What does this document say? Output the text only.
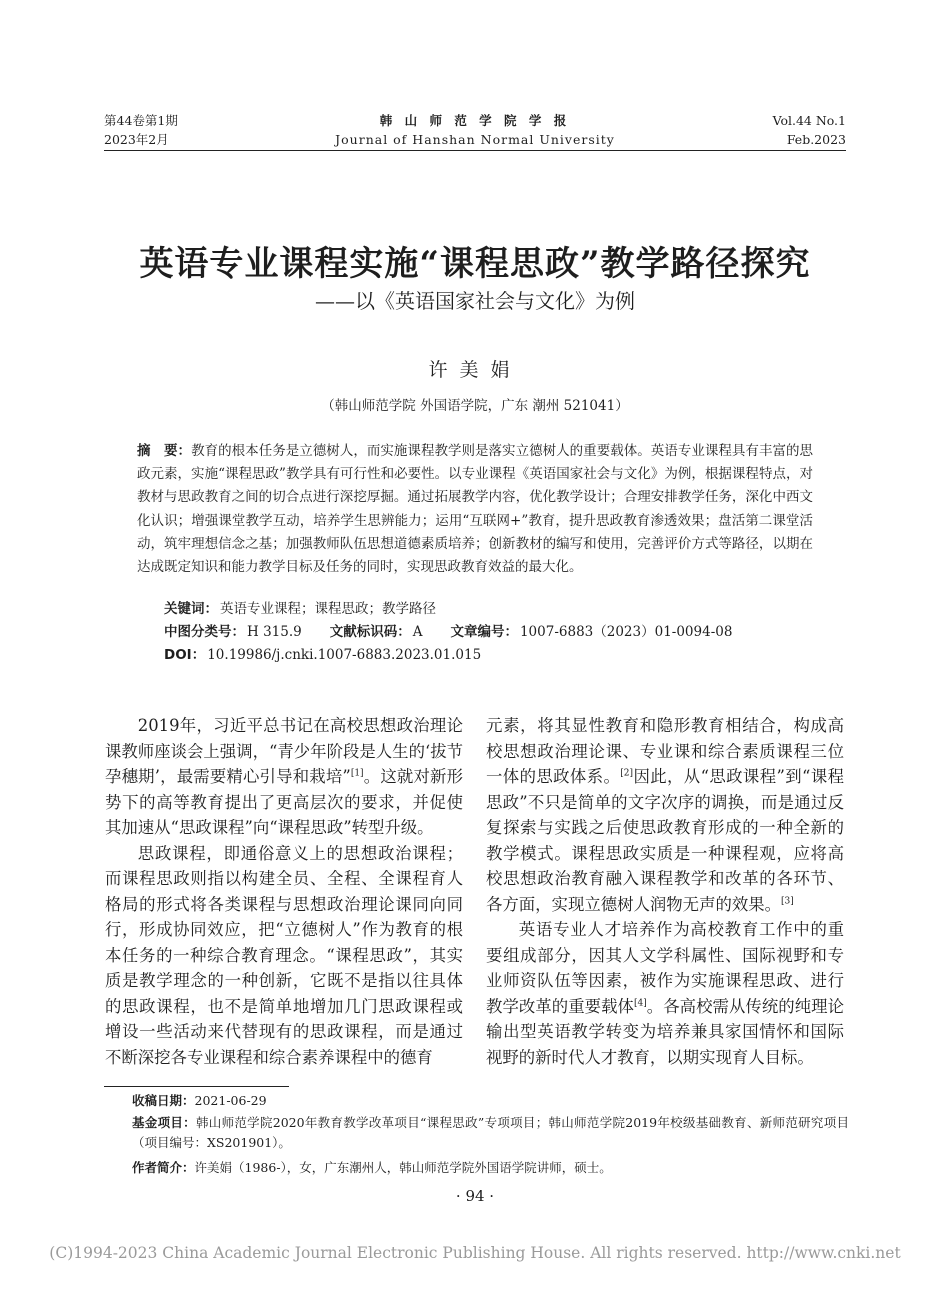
第44卷第1期
2023年2月
韩 山 师 范 学 院 学 报
Journal of Hanshan Normal University
Vol.44 No.1
Feb.2023
英语专业课程实施“课程思政”教学路径探究
——以《英语国家社会与文化》为例
许美娟
（韩山师范学院 外国语学院，广东 潮州 521041）
摘　要：教育的根本任务是立德树人，而实施课程教学则是落实立德树人的重要载体。英语专业课程具有丰富的思政元素，实施“课程思政”教学具有可行性和必要性。以专业课程《英语国家社会与文化》为例，根据课程特点，对教材与思政教育之间的切合点进行深挖厚掘。通过拓展教学内容，优化教学设计；合理安排教学任务，深化中西文化认识；增强课堂教学互动，培养学生思辨能力；运用“互联网+”教育，提升思政教育渗透效果；盘活第二课堂活动，筑牢理想信念之基；加强教师队伍思想道德素质培养；创新教材的编写和使用，完善评价方式等路径，以期在达成既定知识和能力教学目标及任务的同时，实现思政教育效益的最大化。
关键词： 英语专业课程；课程思政；教学路径
中图分类号： H 315.9 文献标识码： A 文章编号： 1007-6883（2023）01-0094-08
DOI： 10.19986/j.cnki.1007-6883.2023.01.015

2019年，习近平总书记在高校思想政治理论课教师座谈会上强调，“青少年阶段是人生的‘拔节孕穗期’，最需要精心引导和栽培”[1]。这就对新形势下的高等教育提出了更高层次的要求，并促使其加速从“思政课程”向“课程思政”转型升级。

思政课程，即通俗意义上的思想政治课程；而课程思政则指以构建全员、全程、全课程育人格局的形式将各类课程与思想政治理论课同向同行，形成协同效应，把“立德树人”作为教育的根本任务的一种综合教育理念。“课程思政”，其实质是教学理念的一种创新，它既不是指以往具体的思政课程，也不是简单地增加几门思政课程或增设一些活动来代替现有的思政课程，而是通过不断深挖各专业课程和综合素养课程中的德育

元素，将其显性教育和隐形教育相结合，构成高校思想政治理论课、专业课和综合素质课程三位一体的思政体系。[2]因此，从“思政课程”到“课程思政”不只是简单的文字次序的调换，而是通过反复探索与实践之后使思政教育形成的一种全新的教学模式。课程思政实质是一种课程观，应将高校思想政治教育融入课程教学和改革的各环节、各方面，实现立德树人润物无声的效果。[3]

英语专业人才培养作为高校教育工作中的重要组成部分，因其人文学科属性、国际视野和专业师资队伍等因素，被作为实施课程思政、进行教学改革的重要载体[4]。各高校需从传统的纯理论输出型英语教学转变为培养兼具家国情怀和国际视野的新时代人才教育，以期实现育人目标。

收稿日期：2021-06-29
基金项目：韩山师范学院2020年教育教学改革项目“课程思政”专项项目；韩山师范学院2019年校级基础教育、新师范研究项目（项目编号：XS201901）。
作者简介：许美娟（1986-），女，广东潮州人，韩山师范学院外国语学院讲师，硕士。
· 94 ·
(C)1994-2023 China Academic Journal Electronic Publishing House. All rights reserved. http://www.cnki.net
